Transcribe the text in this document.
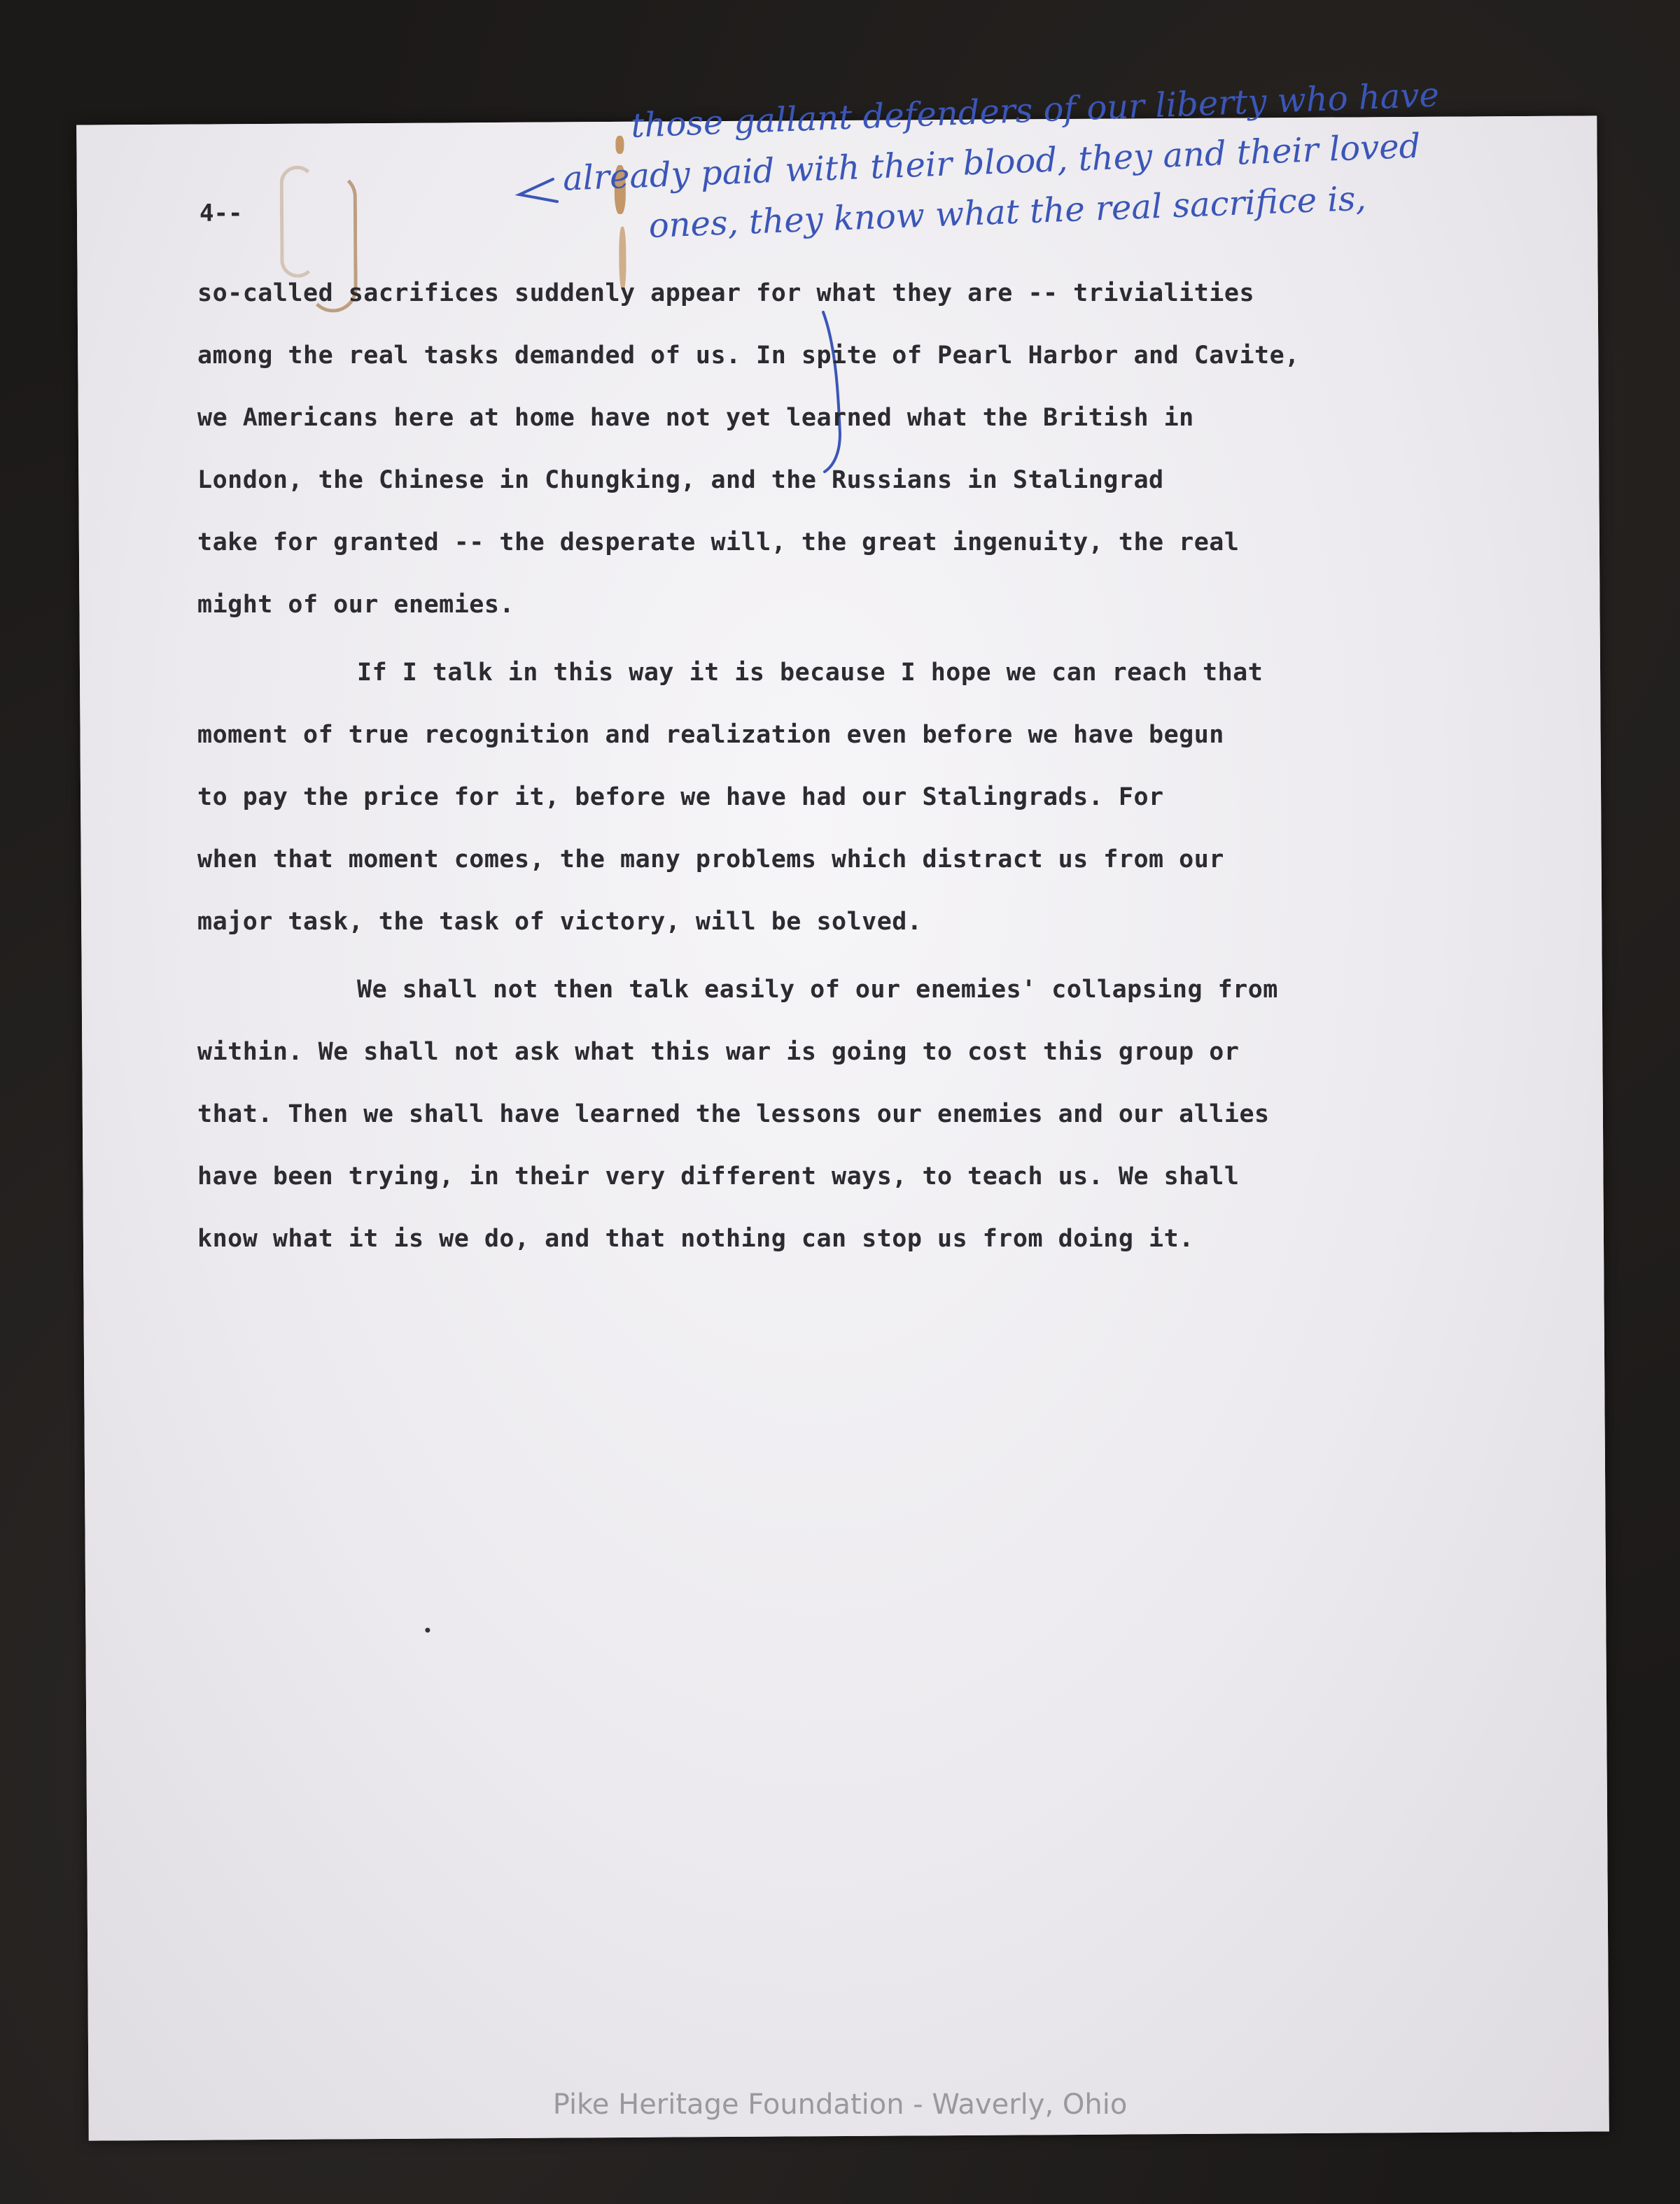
4--
those gallant defenders of our liberty who have
already paid with their blood, they and their loved
ones, they know what the real sacrifice is,
so-called sacrifices suddenly appear for what they are -- trivialities
among the real tasks demanded of us. In spite of Pearl Harbor and Cavite,
we Americans here at home have not yet learned what the British in
London, the Chinese in Chungking, and the Russians in Stalingrad
take for granted -- the desperate will, the great ingenuity, the real
might of our enemies.
If I talk in this way it is because I hope we can reach that
moment of true recognition and realization even before we have begun
to pay the price for it, before we have had our Stalingrads. For
when that moment comes, the many problems which distract us from our
major task, the task of victory, will be solved.
We shall not then talk easily of our enemies' collapsing from
within. We shall not ask what this war is going to cost this group or
that. Then we shall have learned the lessons our enemies and our allies
have been trying, in their very different ways, to teach us. We shall
know what it is we do, and that nothing can stop us from doing it.
Pike Heritage Foundation - Waverly, Ohio
